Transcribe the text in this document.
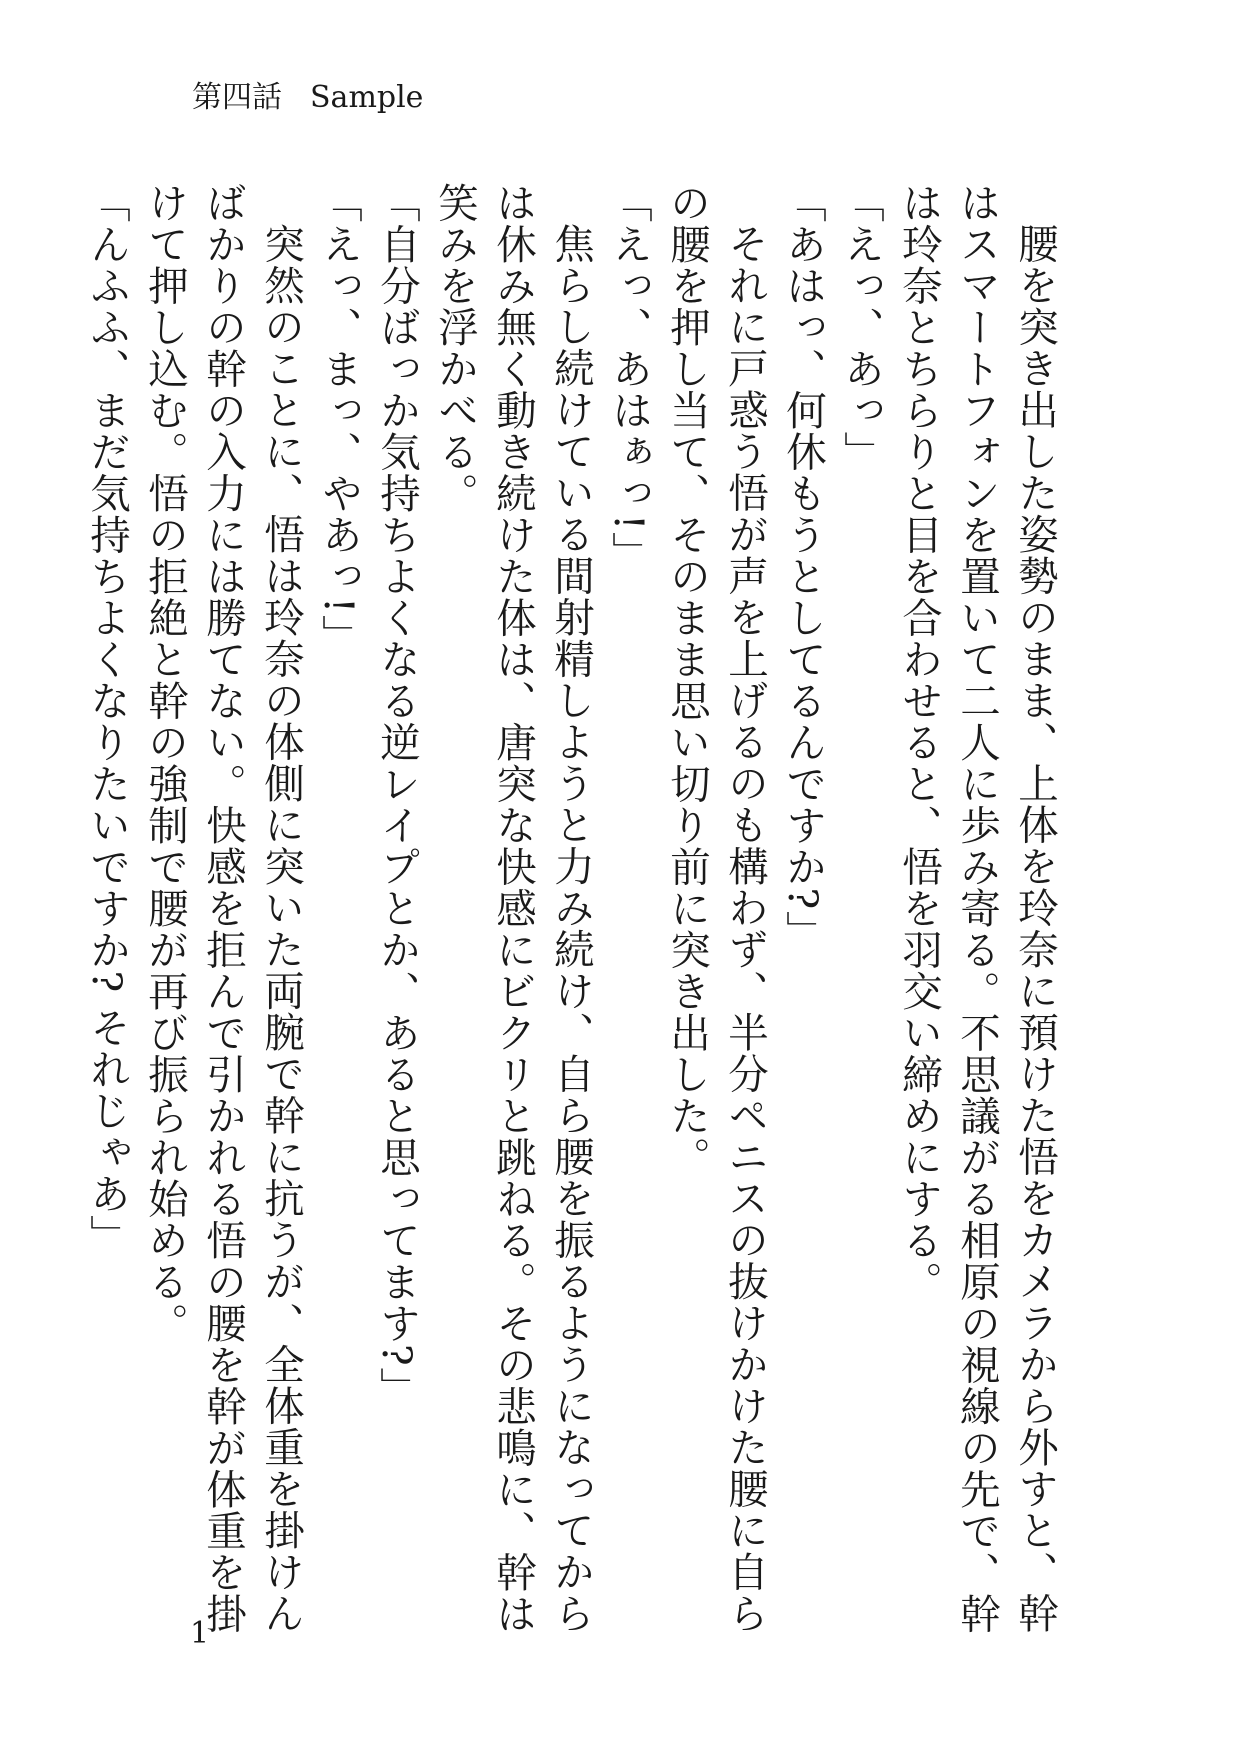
第四話 Sample

腰を突き出した姿勢のまま、上体を玲奈に預けた悟をカメラから外すと、幹はスマートフォンを置いて二人に歩み寄る。不思議がる相原の視線の先で、幹は玲奈とちらりと目を合わせると、悟を羽交い締めにする。

「えっ、あっ」

「あはっ、何休もうとしてるんですか?」

それに戸惑う悟が声を上げるのも構わず、半分ペニスの抜けかけた腰に自らの腰を押し当て、そのまま思い切り前に突き出した。

「えっ、あはぁっ!」

焦らし続けている間射精しようと力み続け、自ら腰を振るようになってからは休み無く動き続けた体は、唐突な快感にビクリと跳ねる。その悲鳴に、幹は笑みを浮かべる。

「自分ばっか気持ちよくなる逆レイプとか、あると思ってます?」

「えっ、まっ、やあっ!」

突然のことに、悟は玲奈の体側に突いた両腕で幹に抗うが、全体重を掛けんばかりの幹の入力には勝てない。快感を拒んで引かれる悟の腰を幹が体重を掛けて押し込む。悟の拒絶と幹の強制で腰が再び振られ始める。

「んふふ、まだ気持ちよくなりたいですか? それじゃあ」

1
